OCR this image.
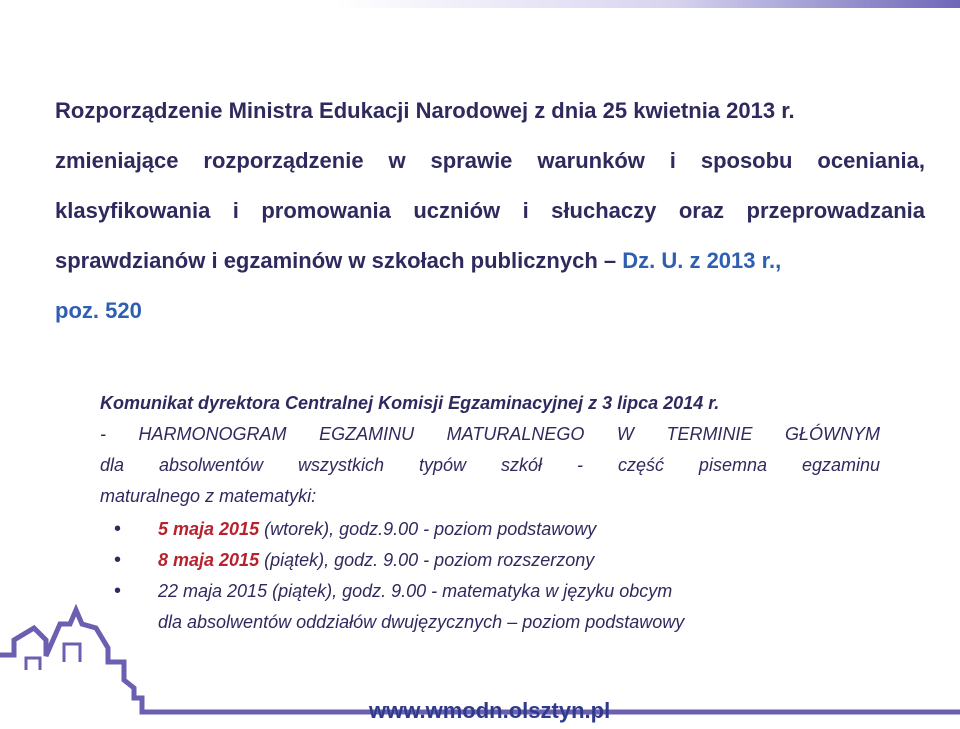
Rozporządzenie Ministra Edukacji Narodowej z dnia 25 kwietnia 2013 r.
zmieniające rozporządzenie w sprawie warunków i sposobu oceniania,
klasyfikowania i promowania uczniów i słuchaczy oraz przeprowadzania
sprawdzianów i egzaminów w szkołach publicznych – Dz. U. z 2013 r.,
poz. 520
Komunikat dyrektora Centralnej Komisji Egzaminacyjnej z 3 lipca 2014 r.
- HARMONOGRAM EGZAMINU MATURALNEGO W TERMINIE GŁÓWNYM
dla absolwentów wszystkich typów szkół - część pisemna egzaminu
maturalnego z matematyki:
• 5 maja 2015 (wtorek), godz.9.00 - poziom podstawowy
• 8 maja 2015 (piątek), godz. 9.00 - poziom rozszerzony
• 22 maja 2015 (piątek), godz. 9.00 - matematyka w języku obcym
dla absolwentów oddziałów dwujęzycznych – poziom podstawowy
www.wmodn.olsztyn.pl
